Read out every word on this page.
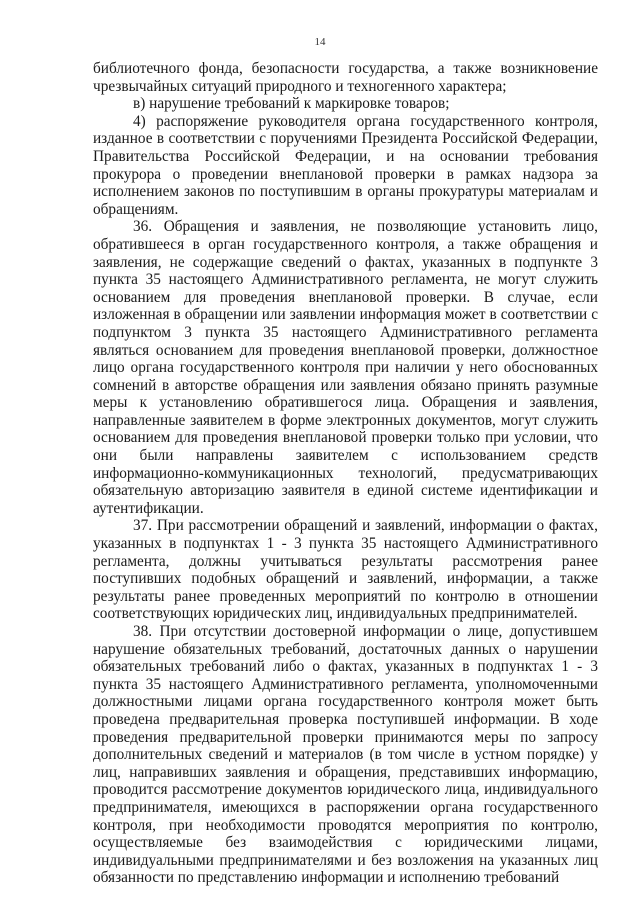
14

библиотечного фонда, безопасности государства, а также возникновение чрезвычайных ситуаций природного и техногенного характера;

в) нарушение требований к маркировке товаров;

4) распоряжение руководителя органа государственного контроля, изданное в соответствии с поручениями Президента Российской Федерации, Правительства Российской Федерации, и на основании требования прокурора о проведении внеплановой проверки в рамках надзора за исполнением законов по поступившим в органы прокуратуры материалам и обращениям.

36. Обращения и заявления, не позволяющие установить лицо, обратившееся в орган государственного контроля, а также обращения и заявления, не содержащие сведений о фактах, указанных в подпункте 3 пункта 35 настоящего Административного регламента, не могут служить основанием для проведения внеплановой проверки. В случае, если изложенная в обращении или заявлении информация может в соответствии с подпунктом 3 пункта 35 настоящего Административного регламента являться основанием для проведения внеплановой проверки, должностное лицо органа государственного контроля при наличии у него обоснованных сомнений в авторстве обращения или заявления обязано принять разумные меры к установлению обратившегося лица. Обращения и заявления, направленные заявителем в форме электронных документов, могут служить основанием для проведения внеплановой проверки только при условии, что они были направлены заявителем с использованием средств информационно-коммуникационных технологий, предусматривающих обязательную авторизацию заявителя в единой системе идентификации и аутентификации.

37. При рассмотрении обращений и заявлений, информации о фактах, указанных в подпунктах 1 - 3 пункта 35 настоящего Административного регламента, должны учитываться результаты рассмотрения ранее поступивших подобных обращений и заявлений, информации, а также результаты ранее проведенных мероприятий по контролю в отношении соответствующих юридических лиц, индивидуальных предпринимателей.

38. При отсутствии достоверной информации о лице, допустившем нарушение обязательных требований, достаточных данных о нарушении обязательных требований либо о фактах, указанных в подпунктах 1 - 3 пункта 35 настоящего Административного регламента, уполномоченными должностными лицами органа государственного контроля может быть проведена предварительная проверка поступившей информации. В ходе проведения предварительной проверки принимаются меры по запросу дополнительных сведений и материалов (в том числе в устном порядке) у лиц, направивших заявления и обращения, представивших информацию, проводится рассмотрение документов юридического лица, индивидуального предпринимателя, имеющихся в распоряжении органа государственного контроля, при необходимости проводятся мероприятия по контролю, осуществляемые без взаимодействия с юридическими лицами, индивидуальными предпринимателями и без возложения на указанных лиц обязанности по представлению информации и исполнению требований
